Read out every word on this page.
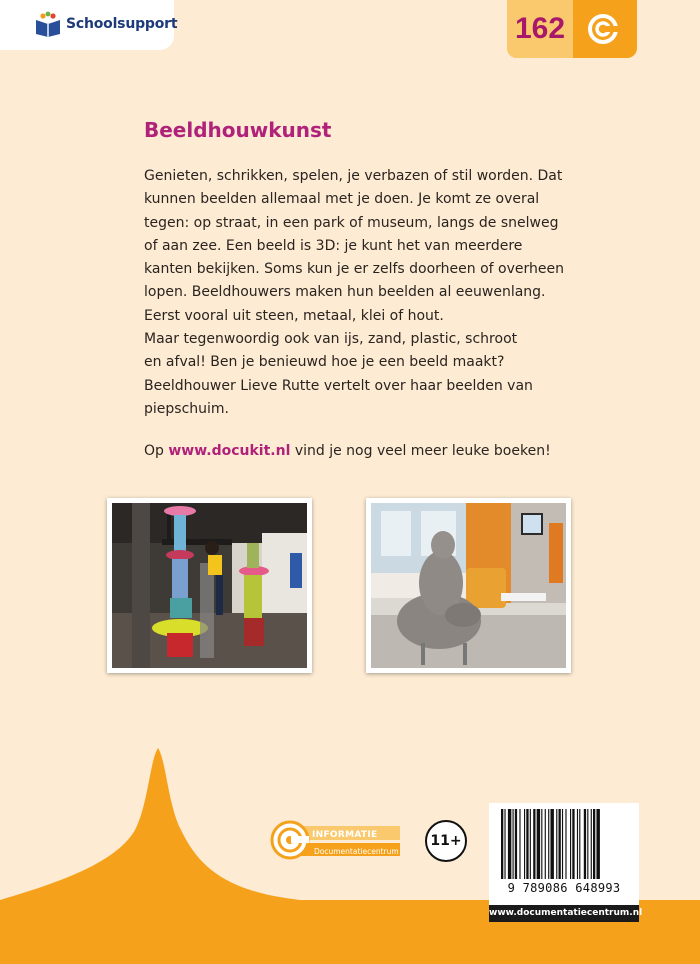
Schoolsupport	162
Beeldhouwkunst
Genieten, schrikken, spelen, je verbazen of stil worden. Dat
kunnen beelden allemaal met je doen. Je komt ze overal
tegen: op straat, in een park of museum, langs de snelweg
of aan zee. Een beeld is 3D: je kunt het van meerdere
kanten bekijken. Soms kun je er zelfs doorheen of overheen
lopen. Beeldhouwers maken hun beelden al eeuwenlang.
Eerst vooral uit steen, metaal, klei of hout.
Maar tegenwoordig ook van ijs, zand, plastic, schroot
en afval! Ben je benieuwd hoe je een beeld maakt?
Beeldhouwer Lieve Rutte vertelt over haar beelden van
piepschuim.
Op www.docukit.nl vind je nog veel meer leuke boeken!
INFORMATIE
Documentatiecentrum
11+
9 789086 648993
www.documentatiecentrum.nl
